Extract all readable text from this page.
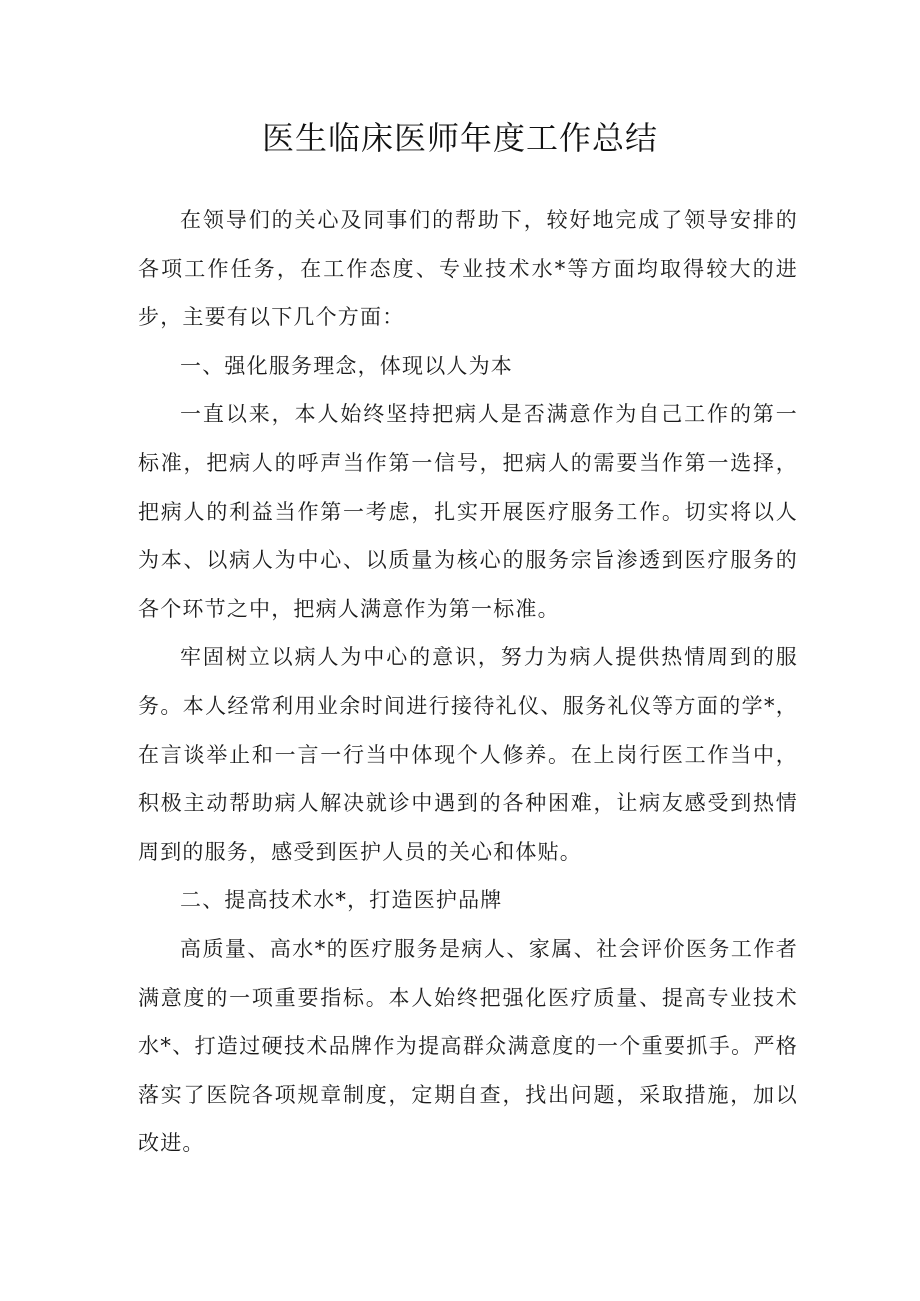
医生临床医师年度工作总结

在领导们的关心及同事们的帮助下，较好地完成了领导安排的各项工作任务，在工作态度、专业技术水*等方面均取得较大的进步，主要有以下几个方面：

一、强化服务理念，体现以人为本

一直以来，本人始终坚持把病人是否满意作为自己工作的第一标准，把病人的呼声当作第一信号，把病人的需要当作第一选择，把病人的利益当作第一考虑，扎实开展医疗服务工作。切实将以人为本、以病人为中心、以质量为核心的服务宗旨渗透到医疗服务的各个环节之中，把病人满意作为第一标准。

牢固树立以病人为中心的意识，努力为病人提供热情周到的服务。本人经常利用业余时间进行接待礼仪、服务礼仪等方面的学*，在言谈举止和一言一行当中体现个人修养。在上岗行医工作当中，积极主动帮助病人解决就诊中遇到的各种困难，让病友感受到热情周到的服务，感受到医护人员的关心和体贴。

二、提高技术水*，打造医护品牌

高质量、高水*的医疗服务是病人、家属、社会评价医务工作者满意度的一项重要指标。本人始终把强化医疗质量、提高专业技术水*、打造过硬技术品牌作为提高群众满意度的一个重要抓手。严格落实了医院各项规章制度，定期自查，找出问题，采取措施，加以改进。
